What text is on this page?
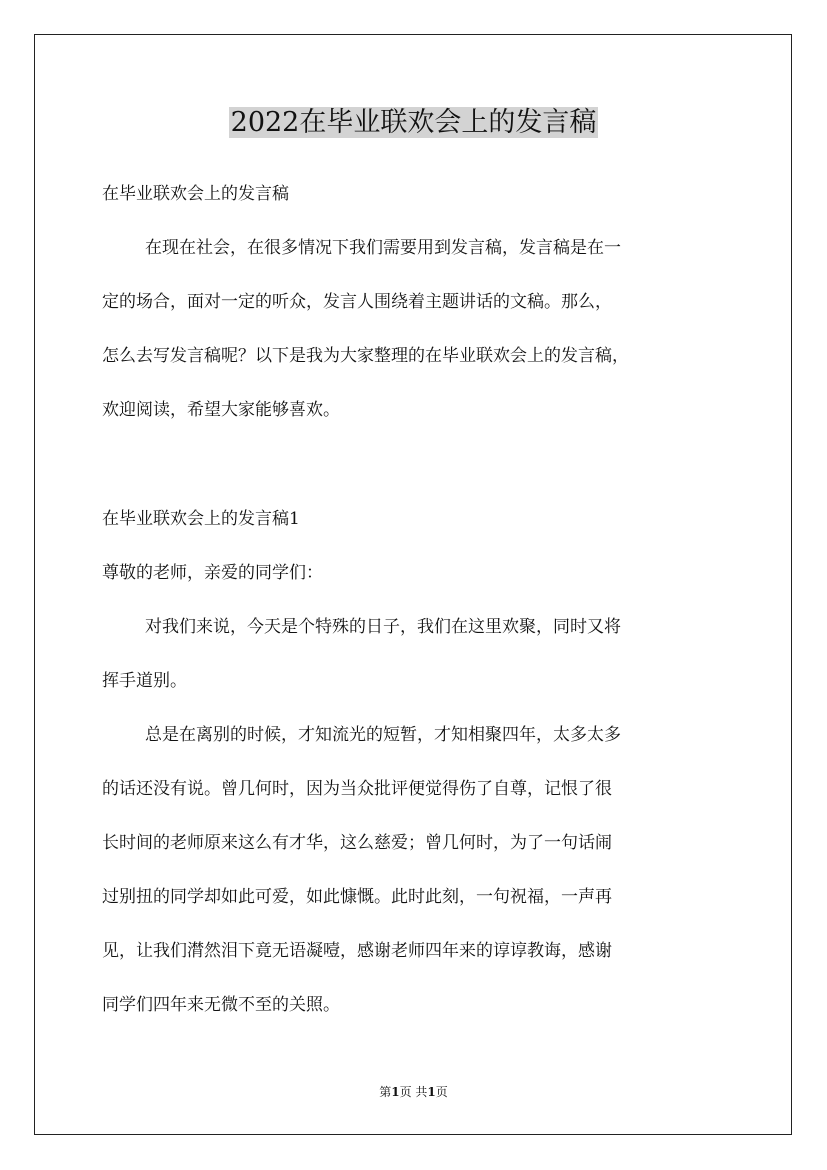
2022在毕业联欢会上的发言稿

在毕业联欢会上的发言稿

在现在社会，在很多情况下我们需要用到发言稿，发言稿是在一

定的场合，面对一定的听众，发言人围绕着主题讲话的文稿。那么，

怎么去写发言稿呢？以下是我为大家整理的在毕业联欢会上的发言稿，

欢迎阅读，希望大家能够喜欢。

在毕业联欢会上的发言稿1

尊敬的老师，亲爱的同学们：

对我们来说，今天是个特殊的日子，我们在这里欢聚，同时又将

挥手道别。

总是在离别的时候，才知流光的短暂，才知相聚四年，太多太多

的话还没有说。曾几何时，因为当众批评便觉得伤了自尊，记恨了很

长时间的老师原来这么有才华，这么慈爱；曾几何时，为了一句话闹

过别扭的同学却如此可爱，如此慷慨。此时此刻，一句祝福，一声再

见，让我们潸然泪下竟无语凝噎，感谢老师四年来的谆谆教诲，感谢

同学们四年来无微不至的关照。

第1页 共1页
